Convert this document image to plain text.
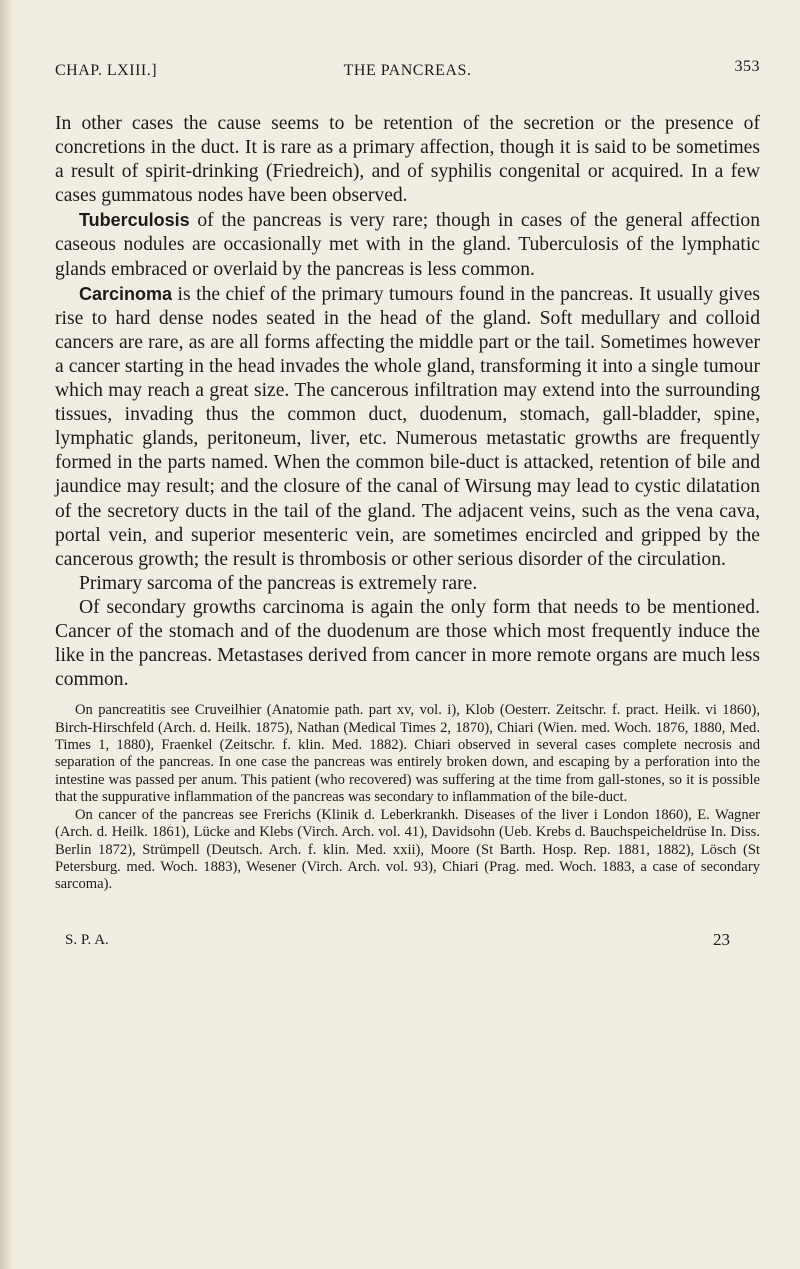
CHAP. LXIII.]	THE PANCREAS.	353

In other cases the cause seems to be retention of the secretion or the presence of concretions in the duct. It is rare as a primary affection, though it is said to be sometimes a result of spirit-drinking (Friedreich), and of syphilis congenital or acquired. In a few cases gummatous nodes have been observed.

Tuberculosis of the pancreas is very rare; though in cases of the general affection caseous nodules are occasionally met with in the gland. Tuberculosis of the lymphatic glands embraced or overlaid by the pancreas is less common.

Carcinoma is the chief of the primary tumours found in the pancreas. It usually gives rise to hard dense nodes seated in the head of the gland. Soft medullary and colloid cancers are rare, as are all forms affecting the middle part or the tail. Sometimes however a cancer starting in the head invades the whole gland, transforming it into a single tumour which may reach a great size. The cancerous infiltration may extend into the surrounding tissues, invading thus the common duct, duodenum, stomach, gall-bladder, spine, lymphatic glands, peritoneum, liver, etc. Numerous metastatic growths are frequently formed in the parts named. When the common bile-duct is attacked, retention of bile and jaundice may result; and the closure of the canal of Wirsung may lead to cystic dilatation of the secretory ducts in the tail of the gland. The adjacent veins, such as the vena cava, portal vein, and superior mesenteric vein, are sometimes encircled and gripped by the cancerous growth; the result is thrombosis or other serious disorder of the circulation.

Primary sarcoma of the pancreas is extremely rare.

Of secondary growths carcinoma is again the only form that needs to be mentioned. Cancer of the stomach and of the duodenum are those which most frequently induce the like in the pancreas. Metastases derived from cancer in more remote organs are much less common.

On pancreatitis see Cruveilhier (Anatomie path. part xv, vol. i), Klob (Oesterr. Zeitschr. f. pract. Heilk. vi 1860), Birch-Hirschfeld (Arch. d. Heilk. 1875), Nathan (Medical Times 2, 1870), Chiari (Wien. med. Woch. 1876, 1880, Med. Times 1, 1880), Fraenkel (Zeitschr. f. klin. Med. 1882). Chiari observed in several cases complete necrosis and separation of the pancreas. In one case the pancreas was entirely broken down, and escaping by a perforation into the intestine was passed per anum. This patient (who recovered) was suffering at the time from gall-stones, so it is possible that the suppurative inflammation of the pancreas was secondary to inflammation of the bile-duct.

On cancer of the pancreas see Frerichs (Klinik d. Leberkrankh. Diseases of the liver i London 1860), E. Wagner (Arch. d. Heilk. 1861), Lücke and Klebs (Virch. Arch. vol. 41), Davidsohn (Ueb. Krebs d. Bauchspeicheldrüse In. Diss. Berlin 1872), Strümpell (Deutsch. Arch. f. klin. Med. xxii), Moore (St Barth. Hosp. Rep. 1881, 1882), Lösch (St Petersburg. med. Woch. 1883), Wesener (Virch. Arch. vol. 93), Chiari (Prag. med. Woch. 1883, a case of secondary sarcoma).

S. P. A.	23
